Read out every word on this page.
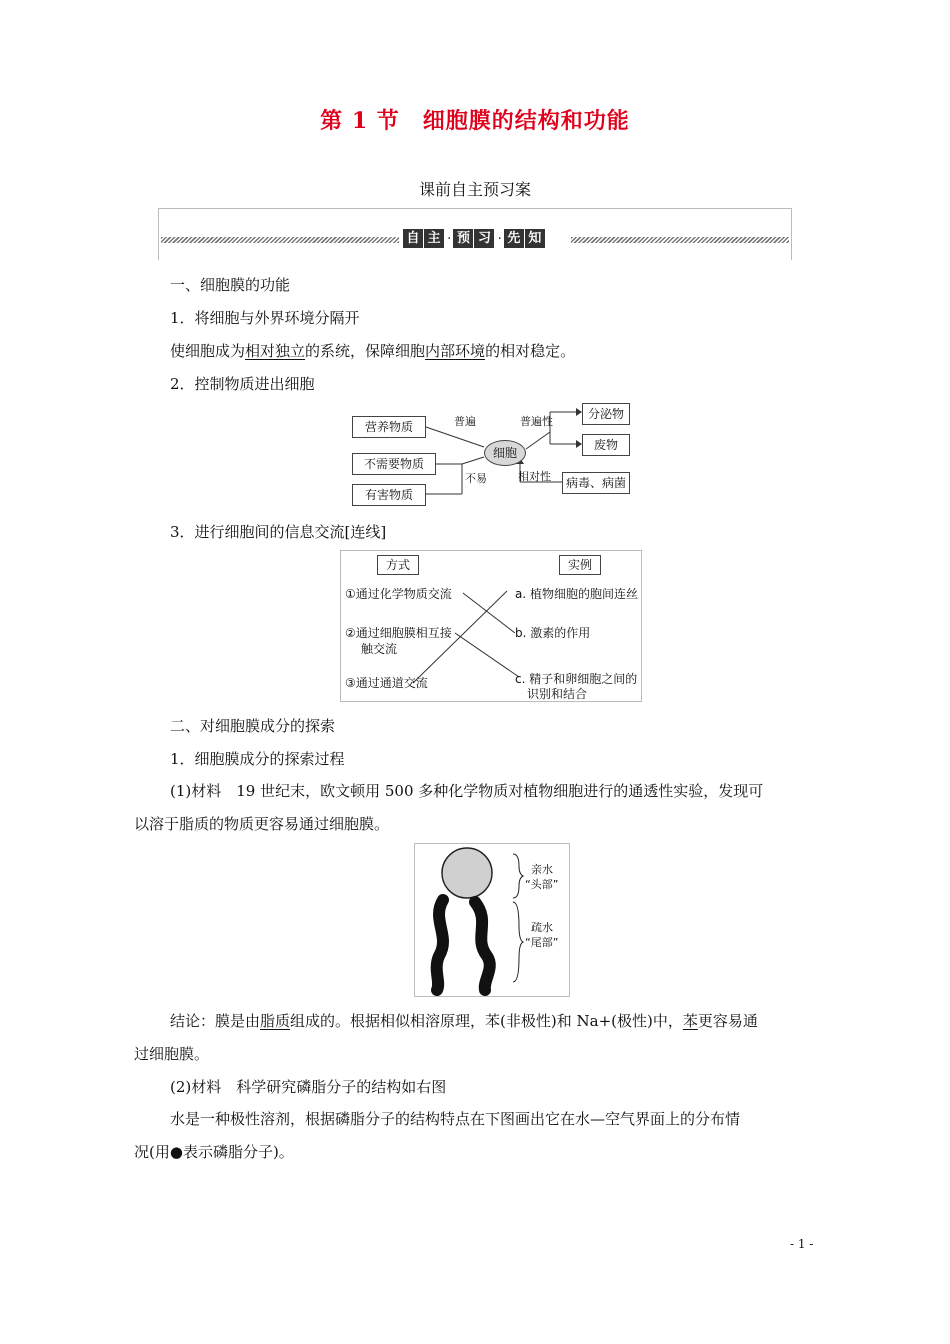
第 1 节　细胞膜的结构和功能
课前自主预习案
自 主 · 预 习 · 先 知
一、细胞膜的功能
1．将细胞与外界环境分隔开
使细胞成为相对独立的系统，保障细胞内部环境的相对稳定。
2．控制物质进出细胞
营养物质
不需要物质
有害物质
细胞
分泌物
废物
病毒、病菌
普遍	普遍性
不易	相对性
3．进行细胞间的信息交流[连线]
方式	实例
①通过化学物质交流
②通过细胞膜相互接
触交流
③通过通道交流
a. 植物细胞的胞间连丝
b. 激素的作用
c. 精子和卵细胞之间的
识别和结合
二、对细胞膜成分的探索
1．细胞膜成分的探索过程
(1)材料　19 世纪末，欧文顿用 500 多种化学物质对植物细胞进行的通透性实验，发现可
以溶于脂质的物质更容易通过细胞膜。
亲水
“头部”
疏水
“尾部”
结论：膜是由脂质组成的。根据相似相溶原理，苯(非极性)和 Na+(极性)中，苯更容易通
过细胞膜。
(2)材料　科学研究磷脂分子的结构如右图
水是一种极性溶剂，根据磷脂分子的结构特点在下图画出它在水—空气界面上的分布情
况(用●表示磷脂分子)。
- 1 -
